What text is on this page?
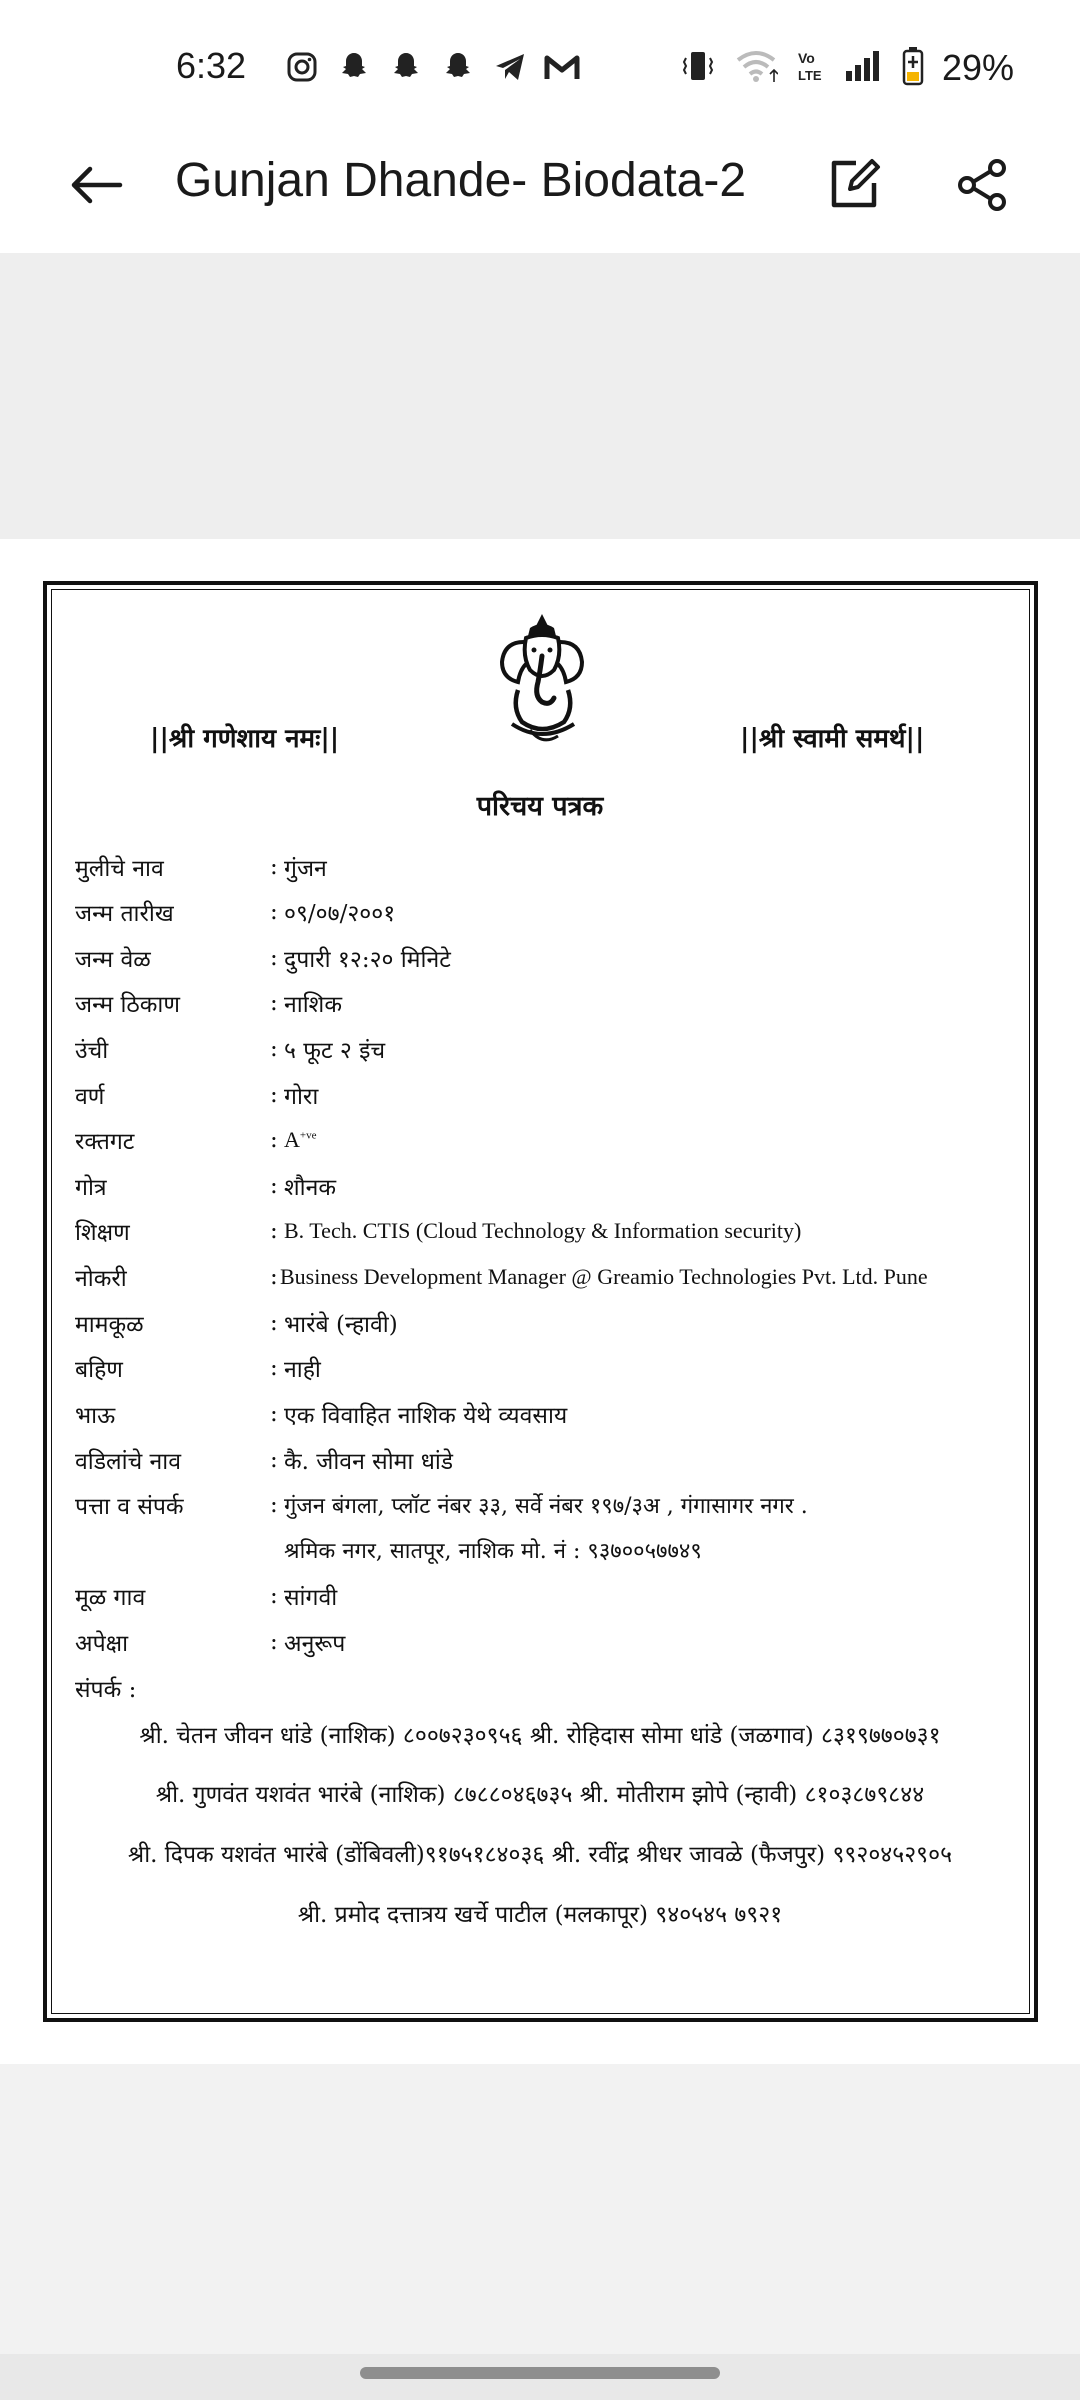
6:32	Vo
LTE	29%
Gunjan Dhande- Biodata-2
||श्री गणेशाय नमः||	||श्री स्वामी समर्थ||
परिचय पत्रक
मुलीचे नाव	: गुंजन
जन्म तारीख	: ०९/०७/२००१
जन्म वेळ	: दुपारी १२:२० मिनिटे
जन्म ठिकाण	: नाशिक
उंची	: ५ फूट २ इंच
वर्ण	: गोरा
रक्तगट	: $A^{+ve}$
गोत्र	: शौनक
शिक्षण	: B. Tech. CTIS (Cloud Technology & Information security)
नोकरी	: Business Development Manager @ Greamio Technologies Pvt. Ltd. Pune
मामकूळ	: भारंबे (न्हावी)
बहिण	: नाही
भाऊ	: एक विवाहित नाशिक येथे व्यवसाय
वडिलांचे नाव	: कै. जीवन सोमा धांडे
पत्ता व संपर्क	: गुंजन बंगला, प्लॉट नंबर ३३, सर्वे नंबर १९७/३अ , गंगासागर नगर .
श्रमिक नगर, सातपूर, नाशिक मो. नं : ९३७००५७७४९
मूळ गाव	: सांगवी
अपेक्षा	: अनुरूप
संपर्क :
श्री. चेतन जीवन धांडे (नाशिक) ८००७२३०९५६ श्री. रोहिदास सोमा धांडे (जळगाव) ८३१९७७०७३१
श्री. गुणवंत यशवंत भारंबे (नाशिक) ८७८८०४६७३५ श्री. मोतीराम झोपे (न्हावी) ८१०३८७९८४४
श्री. दिपक यशवंत भारंबे (डोंबिवली)९१७५१८४०३६ श्री. रवींद्र श्रीधर जावळे (फैजपुर) ९९२०४५२९०५
श्री. प्रमोद दत्तात्रय खर्चे पाटील (मलकापूर) ९४०५४५ ७९२१
